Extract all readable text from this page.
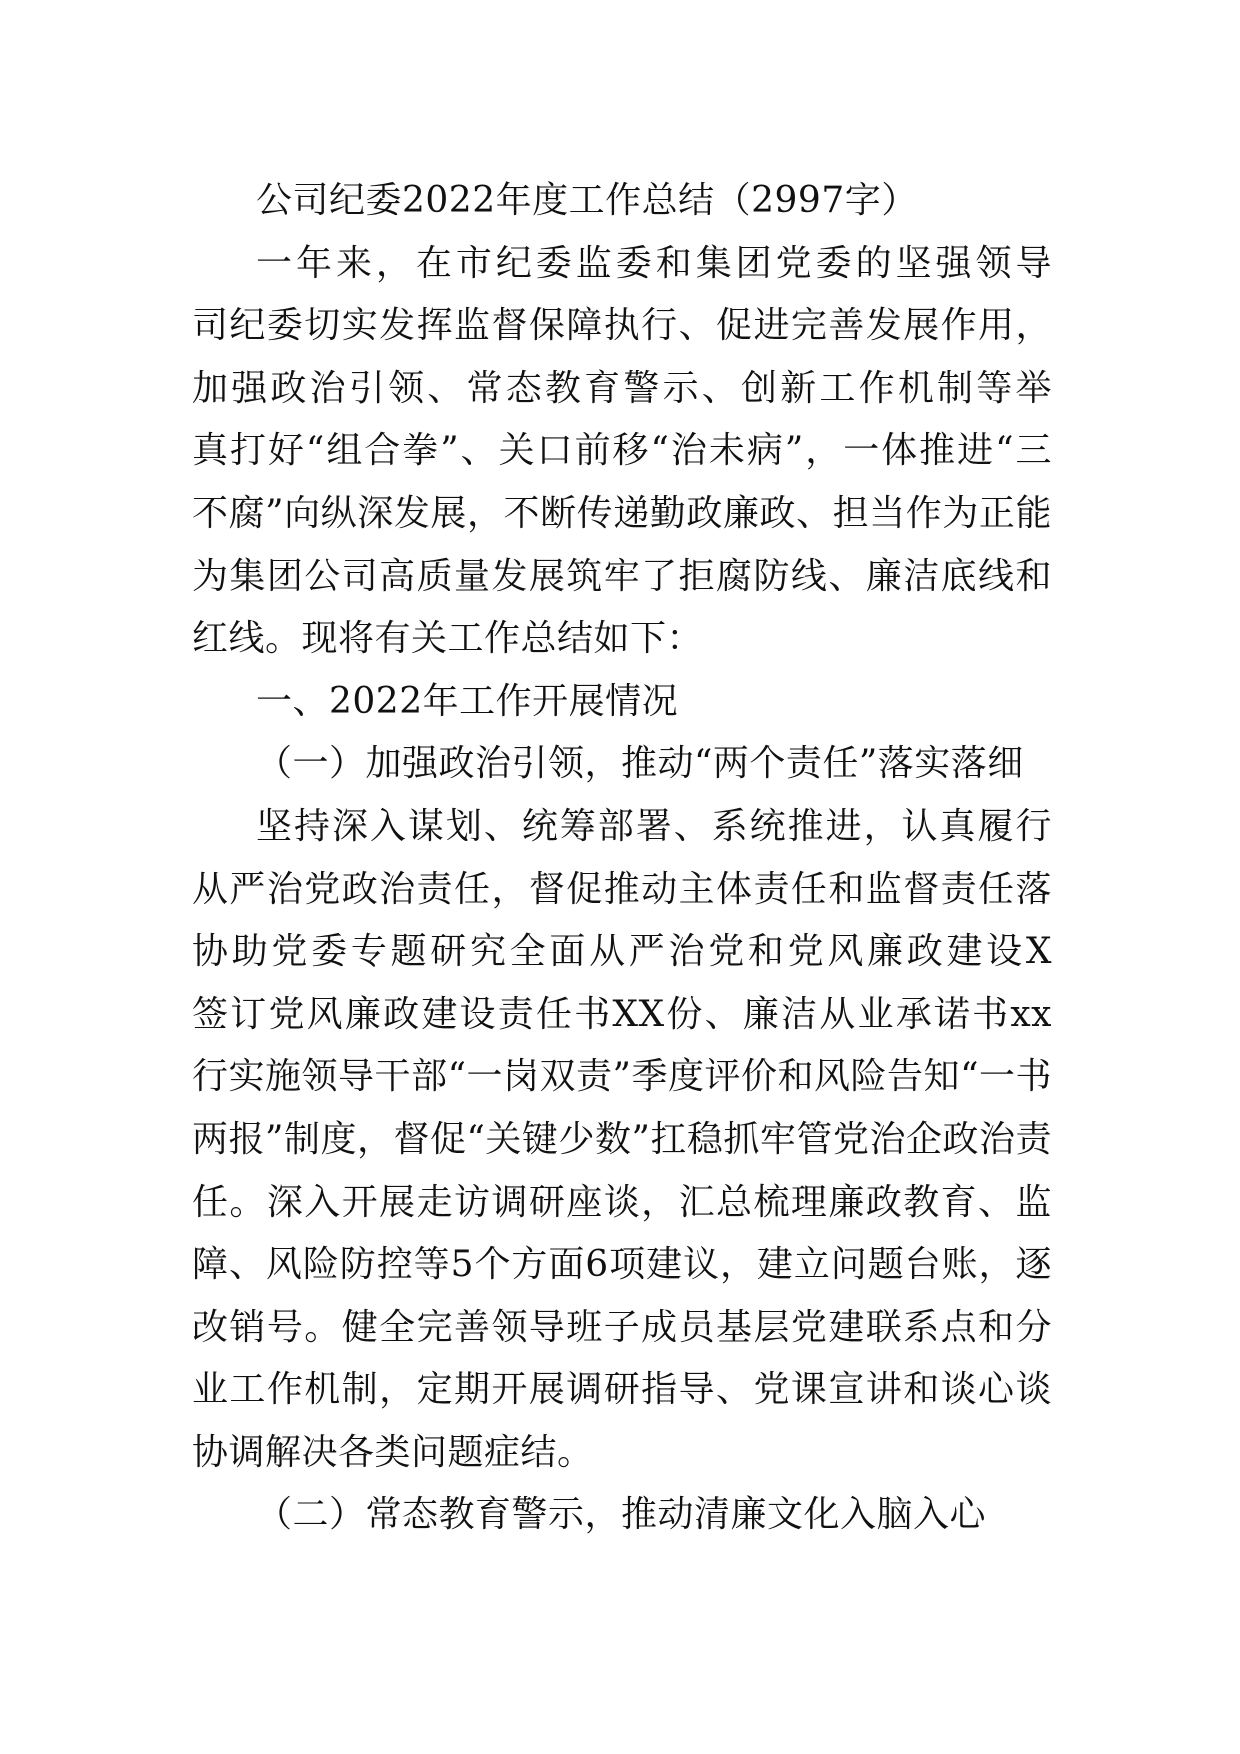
公司纪委2022年度工作总结（2997字）
一年来，在市纪委监委和集团党委的坚强领导
司纪委切实发挥监督保障执行、促进完善发展作用，
加强政治引领、常态教育警示、创新工作机制等举
真打好“组合拳”、关口前移“治未病”，一体推进“三
不腐”向纵深发展，不断传递勤政廉政、担当作为正能
为集团公司高质量发展筑牢了拒腐防线、廉洁底线和
红线。现将有关工作总结如下：
一、2022年工作开展情况
（一）加强政治引领，推动“两个责任”落实落细
坚持深入谋划、统筹部署、系统推进，认真履行
从严治党政治责任，督促推动主体责任和监督责任落
协助党委专题研究全面从严治党和党风廉政建设X
签订党风廉政建设责任书XX份、廉洁从业承诺书xx
行实施领导干部“一岗双责”季度评价和风险告知“一书
两报”制度，督促“关键少数”扛稳抓牢管党治企政治责
任。深入开展走访调研座谈，汇总梳理廉政教育、监
障、风险防控等5个方面6项建议，建立问题台账，逐
改销号。健全完善领导班子成员基层党建联系点和分
业工作机制，定期开展调研指导、党课宣讲和谈心谈
协调解决各类问题症结。
（二）常态教育警示，推动清廉文化入脑入心
